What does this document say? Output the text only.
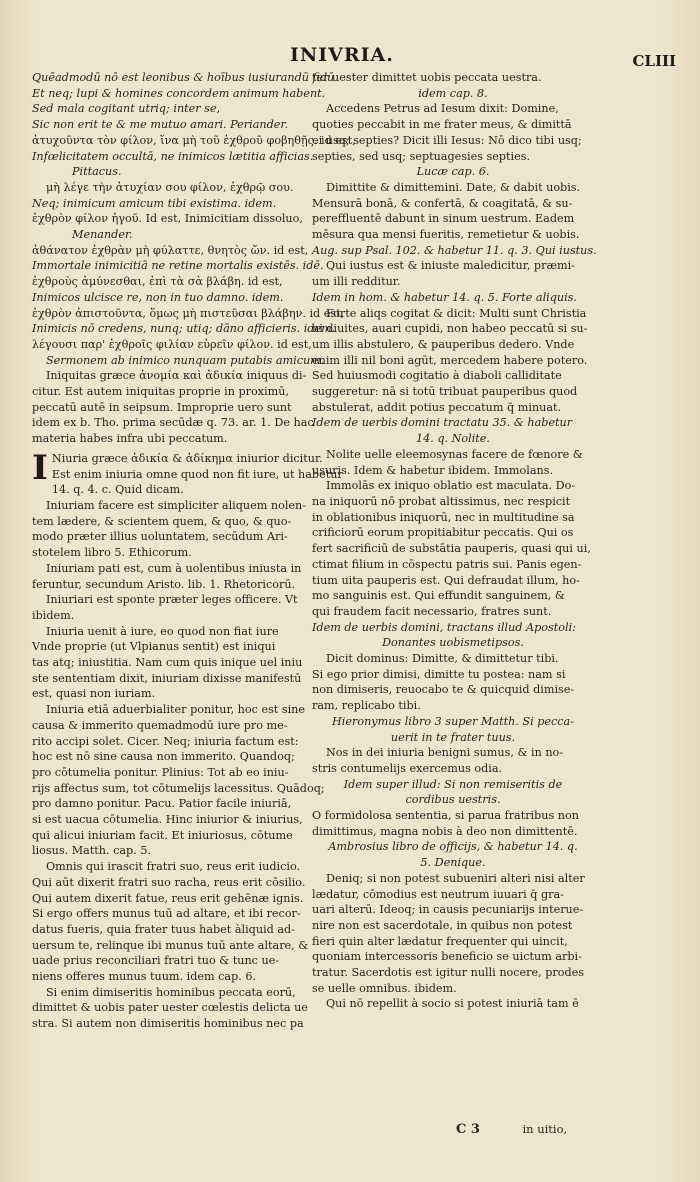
INIVRIA.	CLIII
Quēadmodū nō est leonibus & hoībus iusiurandū fidū
Et neq; lupi & homines concordem animum habent.
Sed mala cogitant utriq; inter se,
Sic non erit te & me mutuo amari. Periander.
ἀτυχοῦντα τὸν φίλον, ἵνα μὴ τοῦ ἐχθροῦ φοβηθῇς. id est,
Infœlicitatem occultā, ne inimicos lætitia afficias.
Pittacus.
μὴ λέγε τὴν ἀτυχίαν σου φίλον, ἐχθρῷ σου.
Neq; inimicum amicum tibi existima. idem.
ἐχθρὸν φίλον ἡγοῦ. Id est, Inimicitiam dissoluo,
Menander.
ἀθάνατον ἐχθρὰν μὴ φύλαττε, θνητὸς ὤν. id est,
Immortale inimicitiā ne retine mortalis existēs. idē.
ἐχθροὺς ἀμύνεσθαι, ἐπὶ τὰ σὰ βλάβη. id est,
Inimicos ulcisce re, non in tuo damno. idem.
ἐχθρὸν ἀπιστοῦντα, ὅμως μὴ πιστεῦσαι βλάβην. id est,
Inimicis nō credens, nunq; utiq; dāno afficieris. idem.
λέγουσι παρ' ἐχθροῖς φιλίαν εὑρεῖν φίλον. id est,
Sermonem ab inimico nunquam putabis amicum.
Iniquitas græce ἀνομία καὶ ἀδικία iniquus di-
citur. Est autem iniquitas proprie in proximū,
peccatū autē in seipsum. Improprie uero sunt
idem ex b. Tho. prima secūdæ q. 73. ar. 1. De hac
materia habes infra ubi peccatum.
I Niuria græce ἀδικία & ἀδίκημα iniurior dicitur.
Est enim iniuria omne quod non fit iure, ut habetur
14. q. 4. c. Quid dicam.
Iniuriam facere est simpliciter aliquem nolen-
tem lædere, & scientem quem, & quo, & quo-
modo præter illius uoluntatem, secūdum Ari-
stotelem libro 5. Ethicorum.
Iniuriam pati est, cum à uolentibus iniusta in
feruntur, secundum Aristo. lib. 1. Rhetoricorū.
Iniuriari est sponte præter leges officere. Vt
ibidem.
Iniuria uenit à iure, eo quod non fiat iure
Vnde proprie (ut Vlpianus sentit) est iniqui
tas atq; iniustitia. Nam cum quis inique uel iniu
ste sententiam dixit, iniuriam dixisse manifestū
est, quasi non iuriam.
Iniuria etiā aduerbialiter ponitur, hoc est sine
causa & immerito quemadmodū iure pro me-
rito accipi solet. Cicer. Neq; iniuria factum est:
hoc est nō sine causa non immerito. Quandoq;
pro cōtumelia ponitur. Plinius: Tot ab eo iniu-
rijs affectus sum, tot cōtumelijs lacessitus. Quādoq;
pro damno ponitur. Pacu. Patior facile iniuriā,
si est uacua cōtumelia. Hinc iniurior & iniurius,
qui alicui iniuriam facit. Et iniuriosus, cōtume
liosus. Matth. cap. 5.
Omnis qui irascit fratri suo, reus erit iudicio.
Qui aūt dixerit fratri suo racha, reus erit cōsilio.
Qui autem dixerit fatue, reus erit gehēnæ ignis.
Si ergo offers munus tuū ad altare, et ibi recor-
datus fueris, quia frater tuus habet àliquid ad-
uersum te, relinque ibi munus tuū ante altare, &
uade prius reconciliari fratri tuo & tunc ue-
niens offeres munus tuum. idem cap. 6.
Si enim dimiseritis hominibus peccata eorū,
dimittet & uobis pater uester cœlestis delicta ue
stra. Si autem non dimiseritis hominibus nec pa
ter uester dimittet uobis peccata uestra.
idem cap. 8.
Accedens Petrus ad Iesum dixit: Domine,
quoties peccabit in me frater meus, & dimittā
ei usq; septies? Dicit illi Iesus: Nō dico tibi usq;
septies, sed usq; septuagesies septies.
Lucæ cap. 6.
Dimittite & dimittemini. Date, & dabit uobis.
Mensurā bonā, & confertā, & coagitatā, & su-
pereffluentē dabunt in sinum uestrum. Eadem
mēsura qua mensi fueritis, remetietur & uobis.
Aug. sup Psal. 102. & habetur 11. q. 3. Qui iustus.
Qui iustus est & iniuste maledicitur, præmi-
um illi redditur.
Idem in hom. & habetur 14. q. 5. Forte aliquis.
Forte aliqs cogitat & dicit: Multi sunt Christia
ni diuites, auari cupidi, non habeo peccatū si su-
um illis abstulero, & pauperibus dedero. Vnde
enim illi nil boni agūt, mercedem habere potero.
Sed huiusmodi cogitatio à diaboli calliditate
suggeretur: nā si totū tribuat pauperibus quod
abstulerat, addit potius peccatum q̄ minuat.
Idem de uerbis domini tractatu 35. & habetur
14. q. Nolite.
Nolite uelle eleemosynas facere de fœnore &
usuris. Idem & habetur ibidem. Immolans.
Immolās ex iniquo oblatio est maculata. Do-
na iniquorū nō probat altissimus, nec respicit
in oblationibus iniquorū, nec in multitudine sa
crificiorū eorum propitiabitur peccatis. Qui os
fert sacrificiū de substātia pauperis, quasi qui ui,
ctimat filium in cōspectu patris sui. Panis egen-
tium uita pauperis est. Qui defraudat illum, ho-
mo sanguinis est. Qui effundit sanguinem, &
qui fraudem facit necessario, fratres sunt.
Idem de uerbis domini, tractans illud Apostoli:
Donantes uobismetipsos.
Dicit dominus: Dimitte, & dimittetur tibi.
Si ego prior dimisi, dimitte tu postea: nam si
non dimiseris, reuocabo te & quicquid dimise-
ram, replicabo tibi.
Hieronymus libro 3 super Matth. Si pecca-
uerit in te frater tuus.
Nos in dei iniuria benigni sumus, & in no-
stris contumelijs exercemus odia.
Idem super illud: Si non remiseritis de
cordibus uestris.
O formidolosa sententia, si parua fratribus non
dimittimus, magna nobis à deo non dimittentē.
Ambrosius libro de officijs, & habetur 14. q.
5. Denique.
Deniq; si non potest subueniri alteri nisi alter
lædatur, cōmodius est neutrum iuuari q̄ gra-
uari alterū. Ideoq; in causis pecuniarijs interue-
nire non est sacerdotale, in quibus non potest
fieri quin alter lædatur frequenter qui uincit,
quoniam intercessoris beneficio se uictum arbi-
tratur. Sacerdotis est igitur nulli nocere, prodes
se uelle omnibus. ibidem.
Qui nō repellit à socio si potest iniuriā tam ē
C 3	in uitio,
